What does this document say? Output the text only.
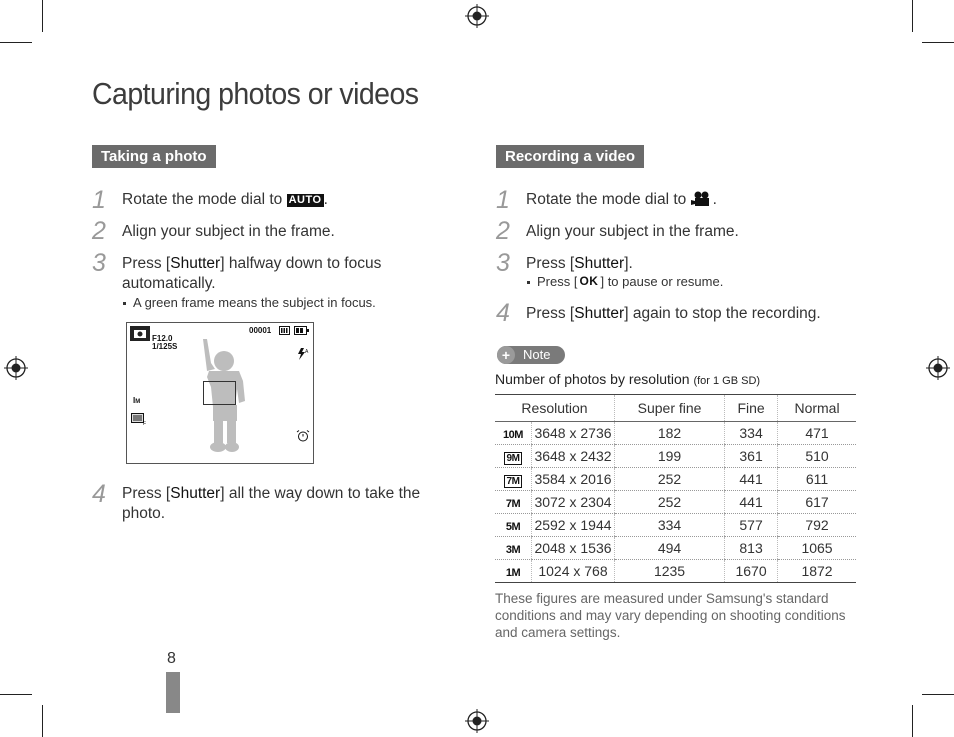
Capturing photos or videos
Taking a photo
1 Rotate the mode dial to AUTO .
2 Align your subject in the frame.
3 Press [Shutter] halfway down to focus automatically.
A green frame means the subject in focus.
F12.0
1/125S
00001
A
IM
F
4 Press [Shutter] all the way down to take the photo.
8
Recording a video
1 Rotate the mode dial to .
2 Align your subject in the frame.
3 Press [Shutter].
Press [ OK ] to pause or resume.
4 Press [Shutter] again to stop the recording.
+ Note
Number of photos by resolution (for 1 GB SD)
Resolution		Super fine	Fine	Normal
10M	3648 x 2736	182	334	471
9M	3648 x 2432	199	361	510
7M	3584 x 2016	252	441	611
7M	3072 x 2304	252	441	617
5M	2592 x 1944	334	577	792
3M	2048 x 1536	494	813	1065
1M	1024 x 768	1235	1670	1872
These figures are measured under Samsung's standard conditions and may vary depending on shooting conditions and camera settings.
